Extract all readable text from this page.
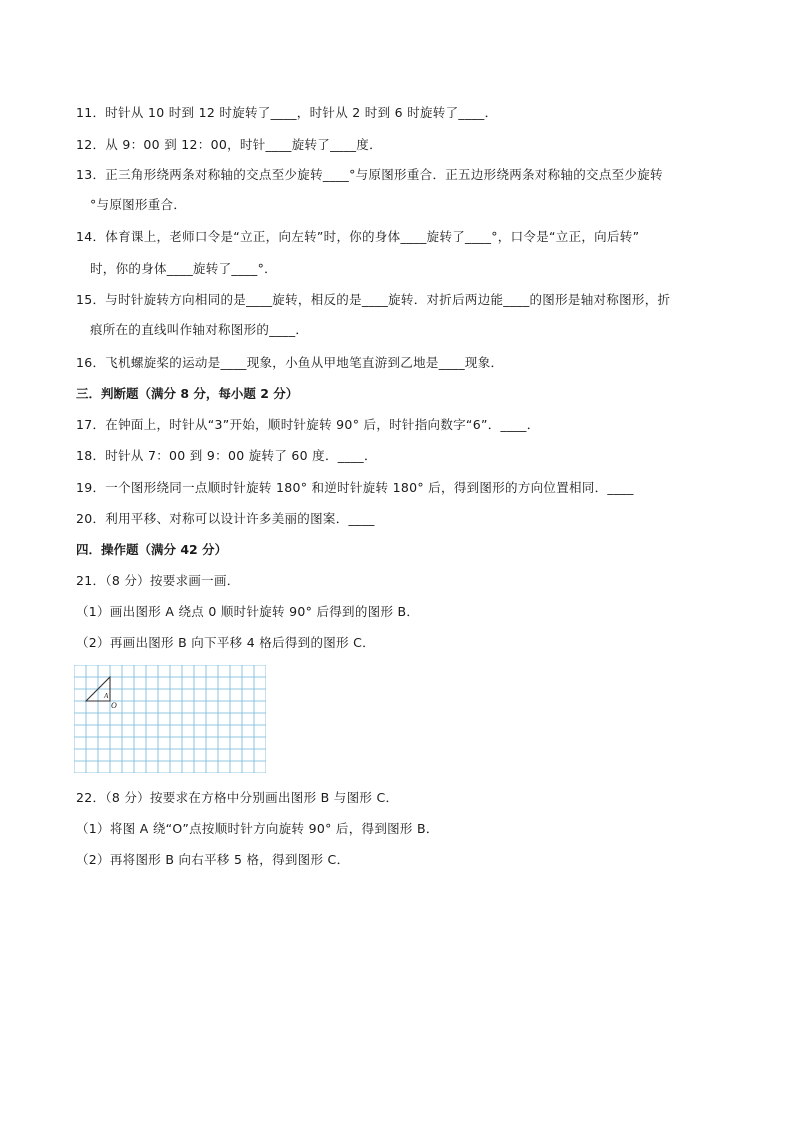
11．时针从 10 时到 12 时旋转了____，时针从 2 时到 6 时旋转了____．
12．从 9：00 到 12：00，时针____旋转了____度．
13．正三角形绕两条对称轴的交点至少旋转____°与原图形重合．正五边形绕两条对称轴的交点至少旋转
°与原图形重合．
14．体育课上，老师口令是“立正，向左转”时，你的身体____旋转了____°，口令是“立正，向后转”
时，你的身体____旋转了____°．
15．与时针旋转方向相同的是____旋转，相反的是____旋转．对折后两边能____的图形是轴对称图形，折
痕所在的直线叫作轴对称图形的____．
16．飞机螺旋桨的运动是____现象，小鱼从甲地笔直游到乙地是____现象．
三．判断题（满分 8 分，每小题 2 分）
17．在钟面上，时针从“3”开始，顺时针旋转 90° 后，时针指向数字“6”．____．
18．时针从 7：00 到 9：00 旋转了 60 度．____．
19．一个图形绕同一点顺时针旋转 180° 和逆时针旋转 180° 后，得到图形的方向位置相同．____
20．利用平移、对称可以设计许多美丽的图案．____
四．操作题（满分 42 分）
21．（8 分）按要求画一画．
（1）画出图形 A 绕点 0 顺时针旋转 90° 后得到的图形 B．
（2）再画出图形 B 向下平移 4 格后得到的图形 C．
A
O
22．（8 分）按要求在方格中分别画出图形 B 与图形 C．
（1）将图 A 绕“O”点按顺时针方向旋转 90° 后，得到图形 B．
（2）再将图形 B 向右平移 5 格，得到图形 C．
